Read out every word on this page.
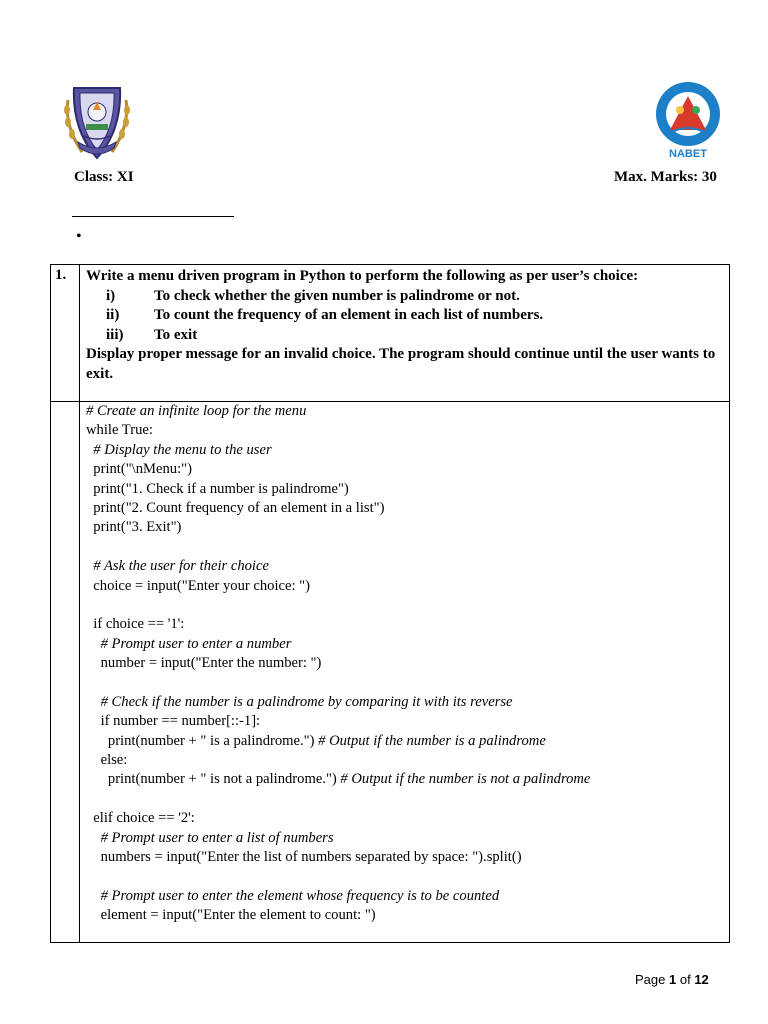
NABET
Class: XI	Max. Marks: 30
•
1. Write a menu driven program in Python to perform the following as per user’s choice:
i)	To check whether the given number is palindrome or not.
ii)	To count the frequency of an element in each list of numbers.
iii)	To exit
Display proper message for an invalid choice. The program should continue until the user wants to exit.
# Create an infinite loop for the menu
while True:
# Display the menu to the user
print("\nMenu:")
print("1. Check if a number is palindrome")
print("2. Count frequency of an element in a list")
print("3. Exit")
# Ask the user for their choice
choice = input("Enter your choice: ")
if choice == '1':
# Prompt user to enter a number
number = input("Enter the number: ")
# Check if the number is a palindrome by comparing it with its reverse
if number == number[::-1]:
print(number + " is a palindrome.") # Output if the number is a palindrome
else:
print(number + " is not a palindrome.") # Output if the number is not a palindrome
elif choice == '2':
# Prompt user to enter a list of numbers
numbers = input("Enter the list of numbers separated by space: ").split()
# Prompt user to enter the element whose frequency is to be counted
element = input("Enter the element to count: ")
Page 1 of 12
